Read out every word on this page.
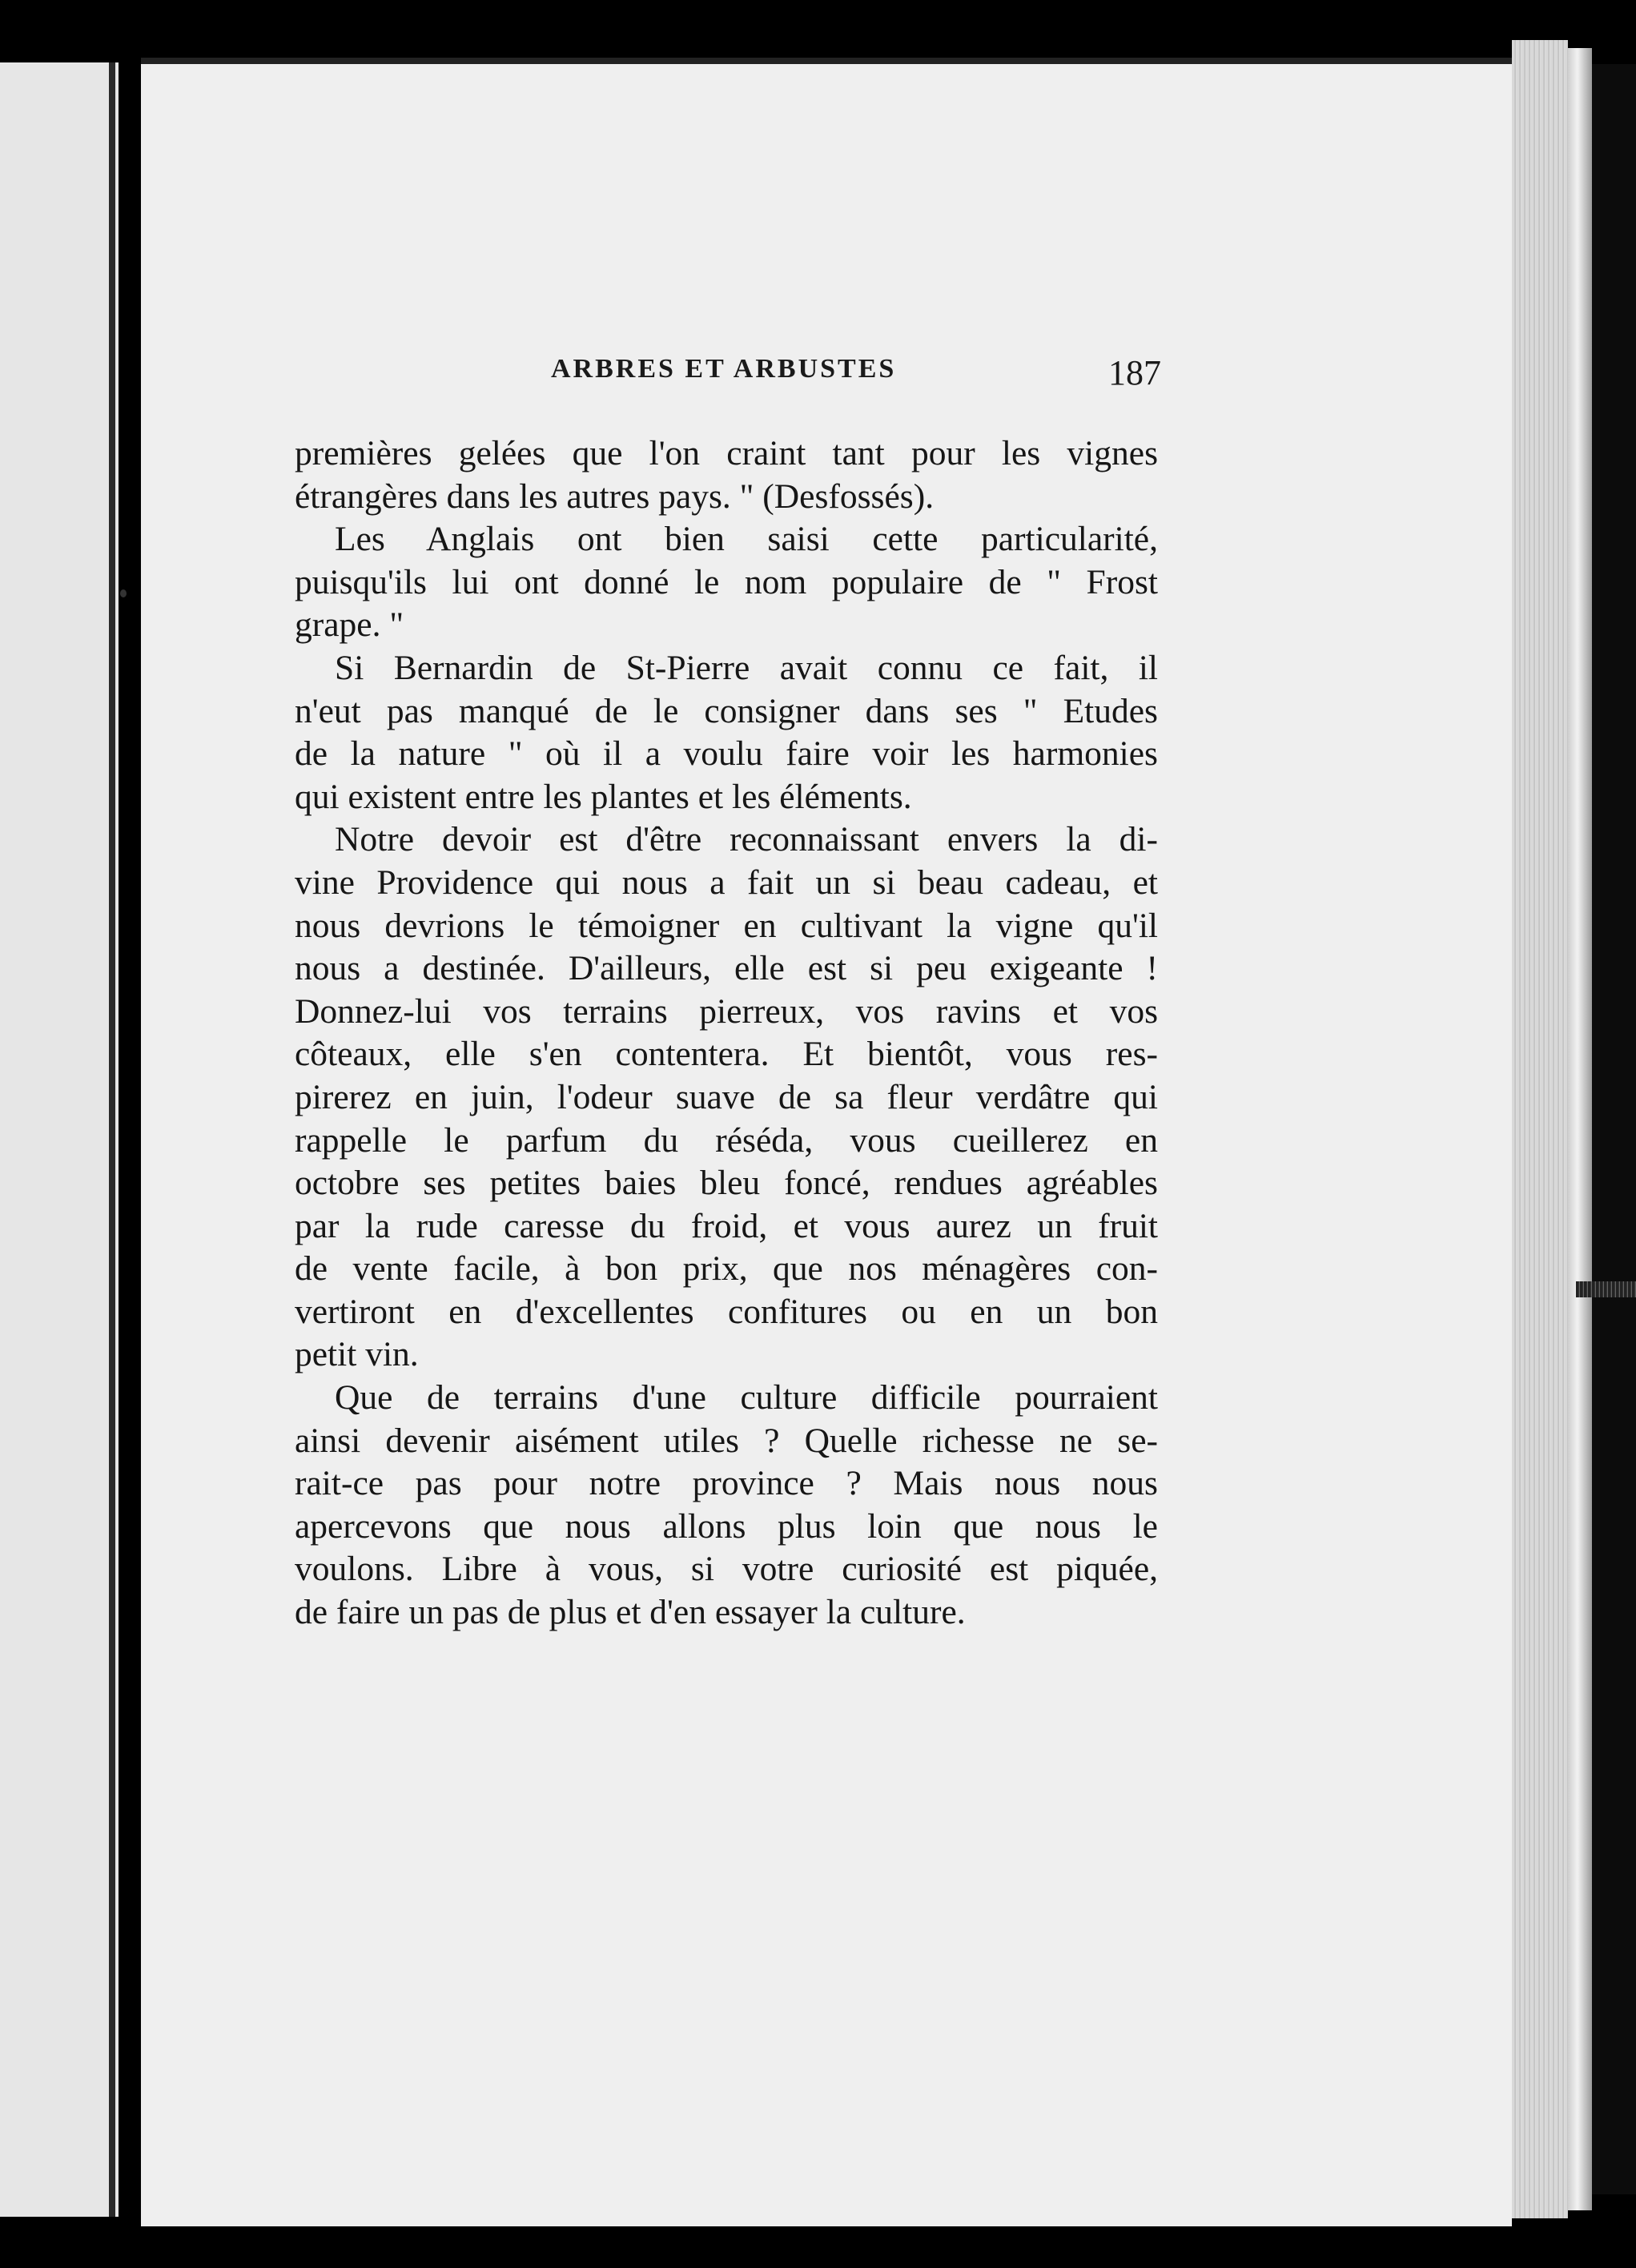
ARBRES ET ARBUSTES	187
premières gelées que l'on craint tant pour les vignes
étrangères dans les autres pays. " (Desfossés).
Les Anglais ont bien saisi cette particularité,
puisqu'ils lui ont donné le nom populaire de " Frost
grape. "
Si Bernardin de St-Pierre avait connu ce fait, il
n'eut pas manqué de le consigner dans ses " Etudes
de la nature " où il a voulu faire voir les harmonies
qui existent entre les plantes et les éléments.
Notre devoir est d'être reconnaissant envers la di-
vine Providence qui nous a fait un si beau cadeau, et
nous devrions le témoigner en cultivant la vigne qu'il
nous a destinée. D'ailleurs, elle est si peu exigeante !
Donnez-lui vos terrains pierreux, vos ravins et vos
côteaux, elle s'en contentera. Et bientôt, vous res-
pirerez en juin, l'odeur suave de sa fleur verdâtre qui
rappelle le parfum du réséda, vous cueillerez en
octobre ses petites baies bleu foncé, rendues agréables
par la rude caresse du froid, et vous aurez un fruit
de vente facile, à bon prix, que nos ménagères con-
vertiront en d'excellentes confitures ou en un bon
petit vin.
Que de terrains d'une culture difficile pourraient
ainsi devenir aisément utiles ? Quelle richesse ne se-
rait-ce pas pour notre province ? Mais nous nous
apercevons que nous allons plus loin que nous le
voulons. Libre à vous, si votre curiosité est piquée,
de faire un pas de plus et d'en essayer la culture.
